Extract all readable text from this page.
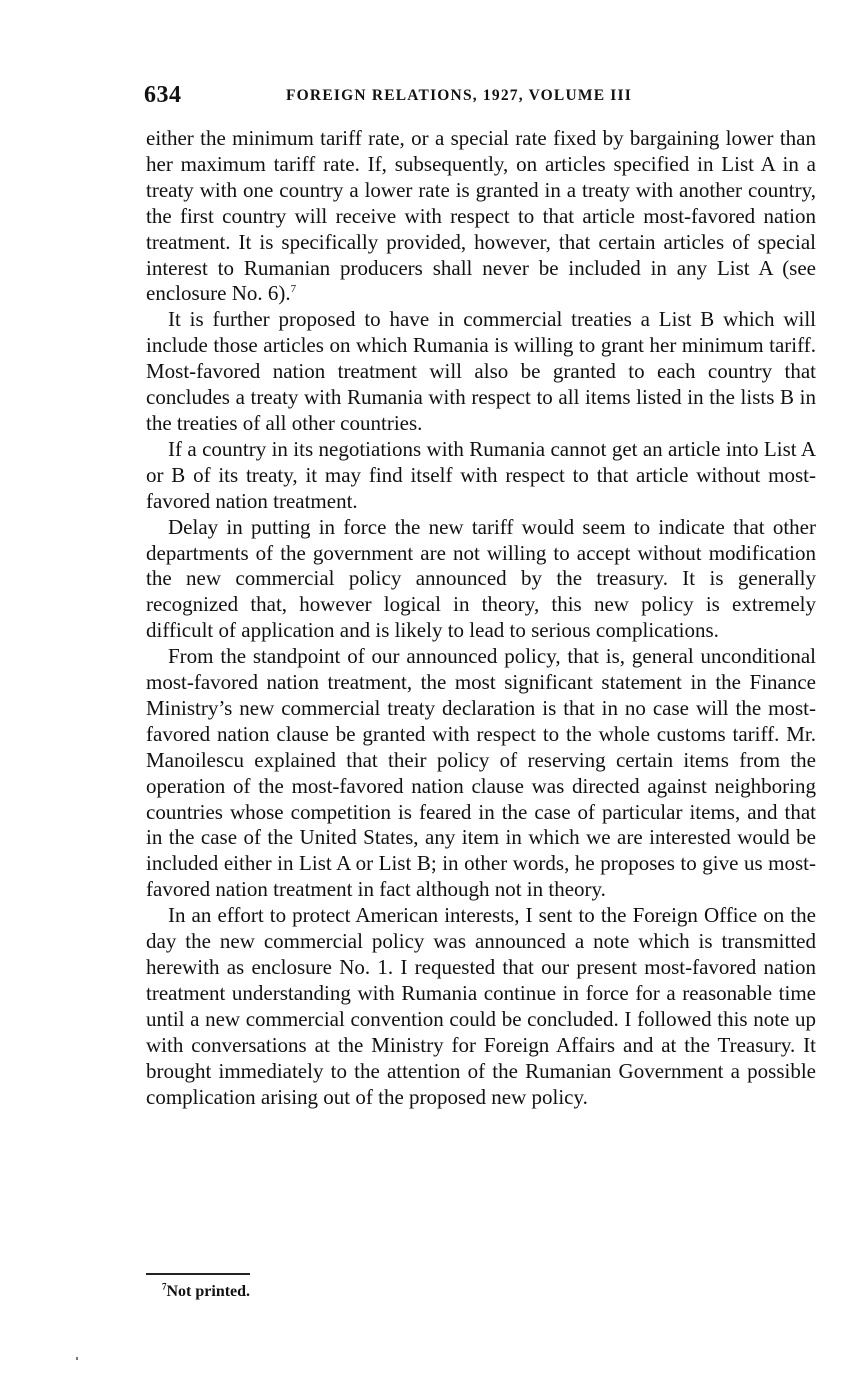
634	FOREIGN RELATIONS, 1927, VOLUME III

either the minimum tariff rate, or a special rate fixed by bargaining lower than her maximum tariff rate. If, subsequently, on articles specified in List A in a treaty with one country a lower rate is granted in a treaty with another country, the first country will receive with respect to that article most-favored nation treatment. It is specifically provided, however, that certain articles of special interest to Rumanian producers shall never be included in any List A (see enclosure No. 6).$^7$

It is further proposed to have in commercial treaties a List B which will include those articles on which Rumania is willing to grant her minimum tariff. Most-favored nation treatment will also be granted to each country that concludes a treaty with Rumania with respect to all items listed in the lists B in the treaties of all other countries.

If a country in its negotiations with Rumania cannot get an article into List A or B of its treaty, it may find itself with respect to that article without most-favored nation treatment.

Delay in putting in force the new tariff would seem to indicate that other departments of the government are not willing to accept without modification the new commercial policy announced by the treasury. It is generally recognized that, however logical in theory, this new policy is extremely difficult of application and is likely to lead to serious complications.

From the standpoint of our announced policy, that is, general unconditional most-favored nation treatment, the most significant statement in the Finance Ministry’s new commercial treaty declaration is that in no case will the most-favored nation clause be granted with respect to the whole customs tariff. Mr. Manoilescu explained that their policy of reserving certain items from the operation of the most-favored nation clause was directed against neighboring countries whose competition is feared in the case of particular items, and that in the case of the United States, any item in which we are interested would be included either in List A or List B; in other words, he proposes to give us most-favored nation treatment in fact although not in theory.

In an effort to protect American interests, I sent to the Foreign Office on the day the new commercial policy was announced a note which is transmitted herewith as enclosure No. 1. I requested that our present most-favored nation treatment understanding with Rumania continue in force for a reasonable time until a new commercial convention could be concluded. I followed this note up with conversations at the Ministry for Foreign Affairs and at the Treasury. It brought immediately to the attention of the Rumanian Government a possible complication arising out of the proposed new policy.

$^7$Not printed.
